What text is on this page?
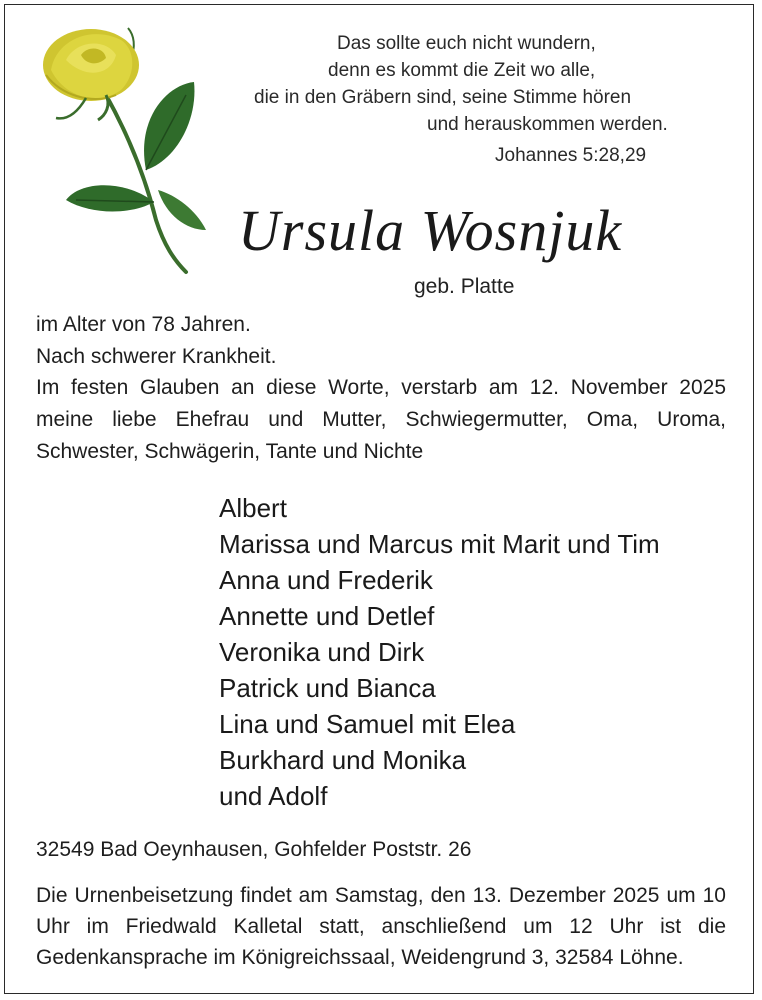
Das sollte euch nicht wundern,
denn es kommt die Zeit wo alle,
die in den Gräbern sind, seine Stimme hören
und herauskommen werden.
Johannes 5:28,29
Ursula Wosnjuk
geb. Platte
im Alter von 78 Jahren.
Nach schwerer Krankheit.
Im festen Glauben an diese Worte, verstarb am 12. November 2025 meine liebe Ehefrau und Mutter, Schwiegermutter, Oma, Uroma, Schwester, Schwägerin, Tante und Nichte
Albert
Marissa und Marcus mit Marit und Tim
Anna und Frederik
Annette und Detlef
Veronika und Dirk
Patrick und Bianca
Lina und Samuel mit Elea
Burkhard und Monika
und Adolf
32549 Bad Oeynhausen, Gohfelder Poststr. 26
Die Urnenbeisetzung findet am Samstag, den 13. Dezember 2025 um 10 Uhr im Friedwald Kalletal statt, anschließend um 12 Uhr ist die Gedenkansprache im Königreichssaal, Weidengrund 3, 32584 Löhne.
